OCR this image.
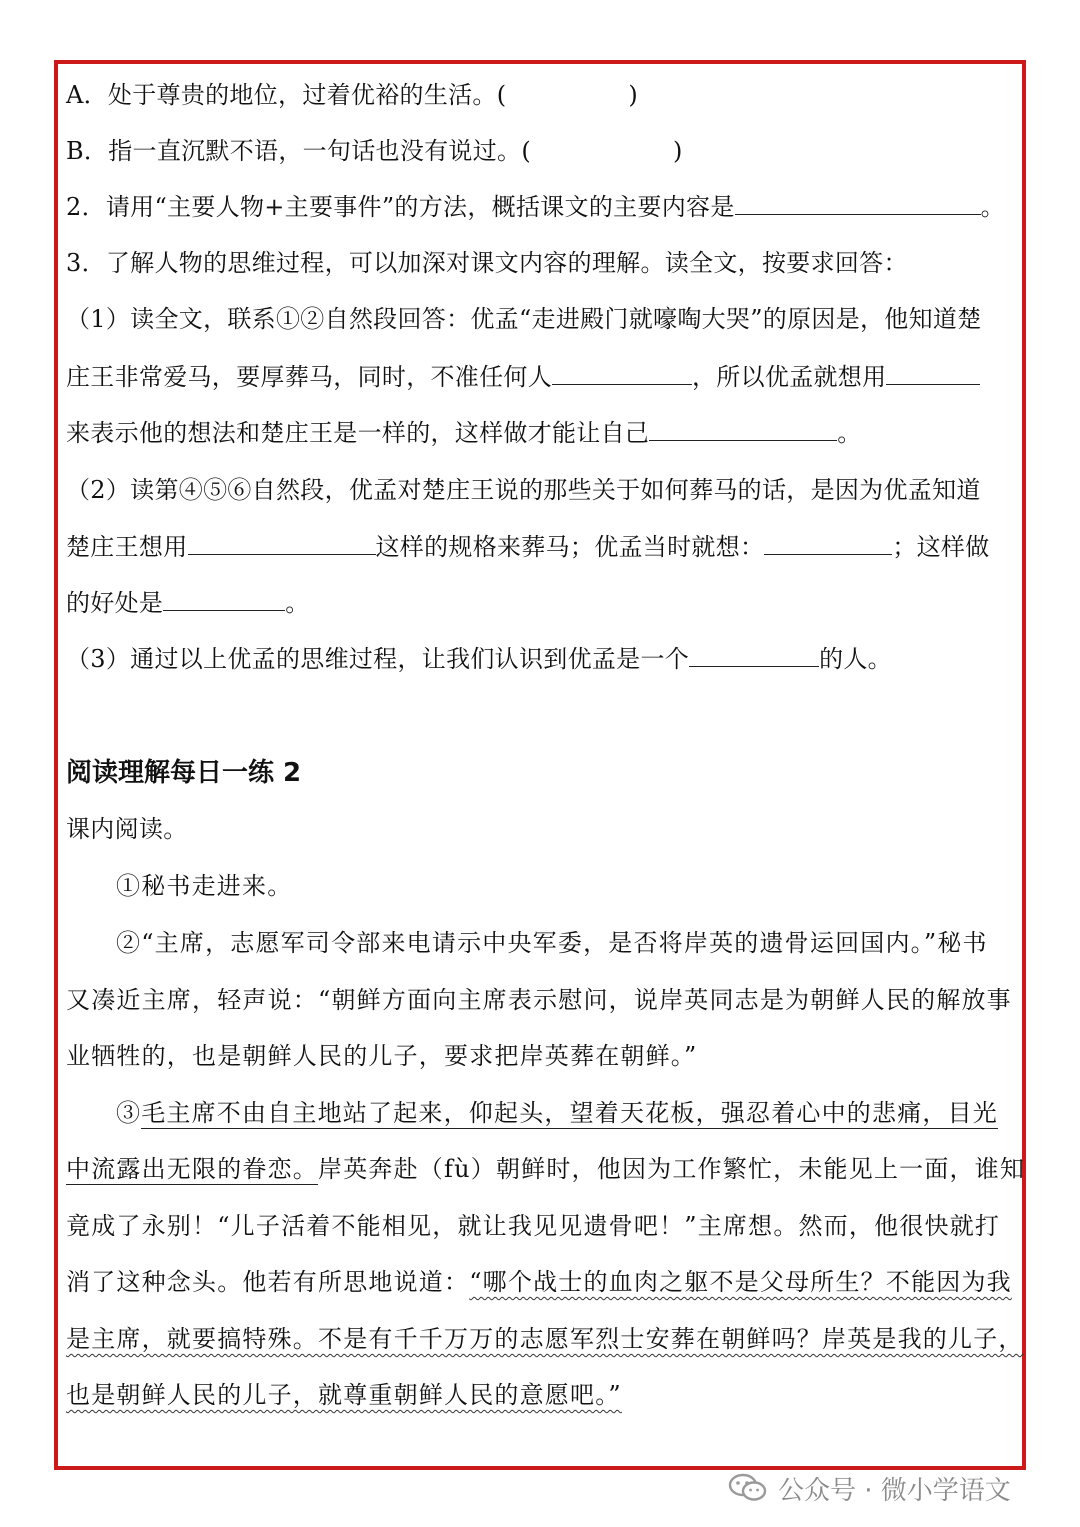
A．处于尊贵的地位，过着优裕的生活。(	)
B．指一直沉默不语，一句话也没有说过。(	)
2．请用“主要人物+主要事件”的方法，概括课文的主要内容是	。
3．了解人物的思维过程，可以加深对课文内容的理解。读全文，按要求回答：
（1）读全文，联系①②自然段回答：优孟“走进殿门就嚎啕大哭”的原因是，他知道楚
庄王非常爱马，要厚葬马，同时，不准任何人	，所以优孟就想用
来表示他的想法和楚庄王是一样的，这样做才能让自己	。
（2）读第④⑤⑥自然段，优孟对楚庄王说的那些关于如何葬马的话，是因为优孟知道
楚庄王想用	这样的规格来葬马；优孟当时就想：	；这样做
的好处是	。
（3）通过以上优孟的思维过程，让我们认识到优孟是一个	的人。
阅读理解每日一练 2
课内阅读。
①秘书走进来。
②“主席，志愿军司令部来电请示中央军委，是否将岸英的遗骨运回国内。”秘书
又凑近主席，轻声说：“朝鲜方面向主席表示慰问，说岸英同志是为朝鲜人民的解放事
业牺牲的，也是朝鲜人民的儿子，要求把岸英葬在朝鲜。”
③毛主席不由自主地站了起来，仰起头，望着天花板，强忍着心中的悲痛，目光
中流露出无限的眷恋。岸英奔赴（fù）朝鲜时，他因为工作繁忙，未能见上一面，谁知
竟成了永别！“儿子活着不能相见，就让我见见遗骨吧！”主席想。然而，他很快就打
消了这种念头。他若有所思地说道：“哪个战士的血肉之躯不是父母所生？不能因为我
是主席，就要搞特殊。不是有千千万万的志愿军烈士安葬在朝鲜吗？岸英是我的儿子，
也是朝鲜人民的儿子，就尊重朝鲜人民的意愿吧。”
公众号 · 微小学语文
